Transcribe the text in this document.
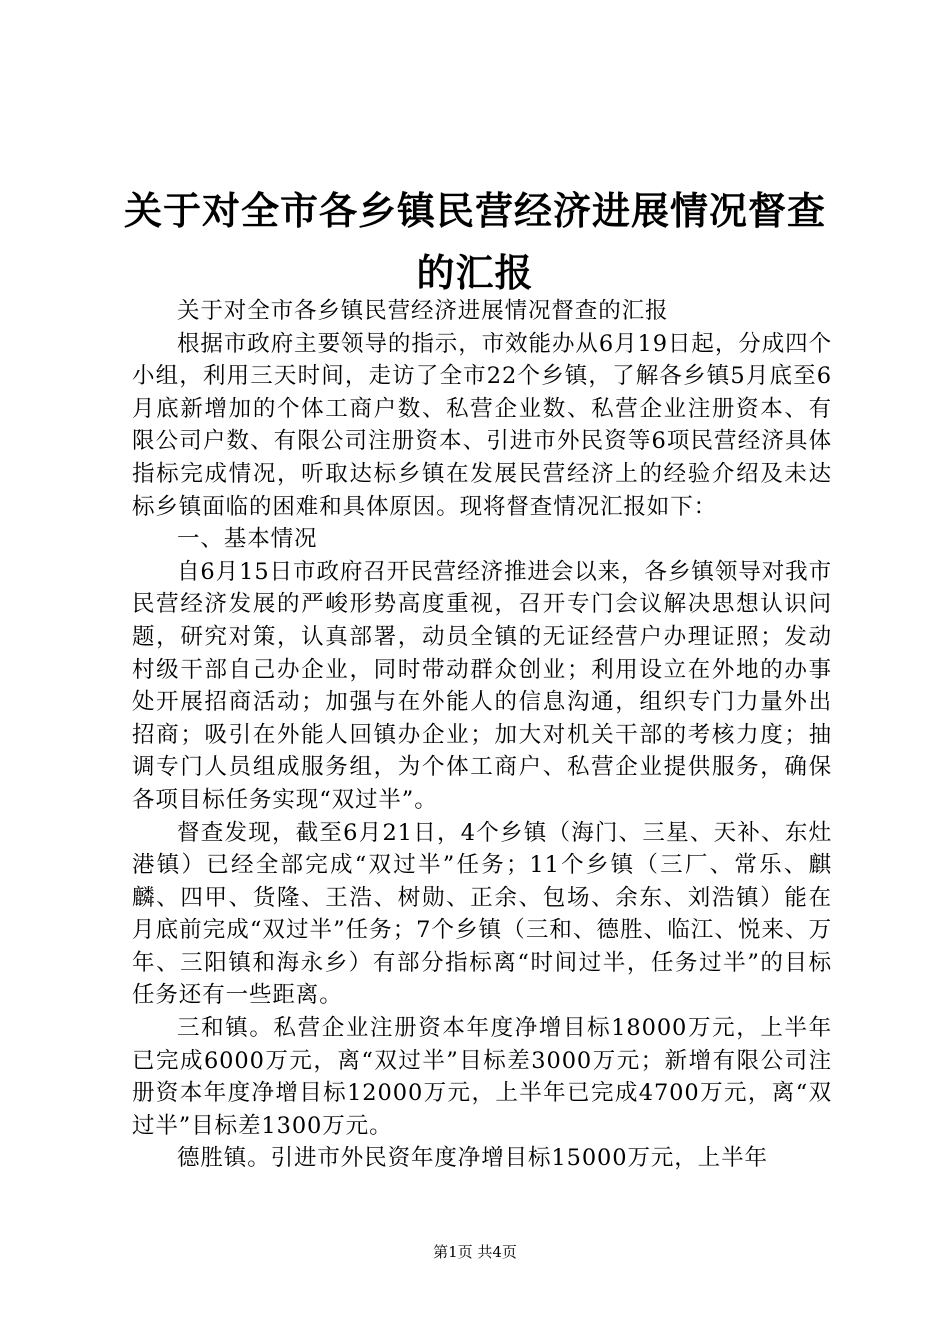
关于对全市各乡镇民营经济进展情况督查的汇报

关于对全市各乡镇民营经济进展情况督查的汇报

根据市政府主要领导的指示，市效能办从6月19日起，分成四个小组，利用三天时间，走访了全市22个乡镇，了解各乡镇5月底至6月底新增加的个体工商户数、私营企业数、私营企业注册资本、有限公司户数、有限公司注册资本、引进市外民资等6项民营经济具体指标完成情况，听取达标乡镇在发展民营经济上的经验介绍及未达标乡镇面临的困难和具体原因。现将督查情况汇报如下：

一、基本情况

自6月15日市政府召开民营经济推进会以来，各乡镇领导对我市民营经济发展的严峻形势高度重视，召开专门会议解决思想认识问题，研究对策，认真部署，动员全镇的无证经营户办理证照；发动村级干部自己办企业，同时带动群众创业；利用设立在外地的办事处开展招商活动；加强与在外能人的信息沟通，组织专门力量外出招商；吸引在外能人回镇办企业；加大对机关干部的考核力度；抽调专门人员组成服务组，为个体工商户、私营企业提供服务，确保各项目标任务实现“双过半”。

督查发现，截至6月21日，4个乡镇（海门、三星、天补、东灶港镇）已经全部完成“双过半”任务；11个乡镇（三厂、常乐、麒麟、四甲、货隆、王浩、树勋、正余、包场、余东、刘浩镇）能在月底前完成“双过半”任务；7个乡镇（三和、德胜、临江、悦来、万年、三阳镇和海永乡）有部分指标离“时间过半，任务过半”的目标任务还有一些距离。

三和镇。私营企业注册资本年度净增目标18000万元，上半年已完成6000万元，离“双过半”目标差3000万元；新增有限公司注册资本年度净增目标12000万元，上半年已完成4700万元，离“双过半”目标差1300万元。

德胜镇。引进市外民资年度净增目标15000万元，上半年

第1页 共4页
